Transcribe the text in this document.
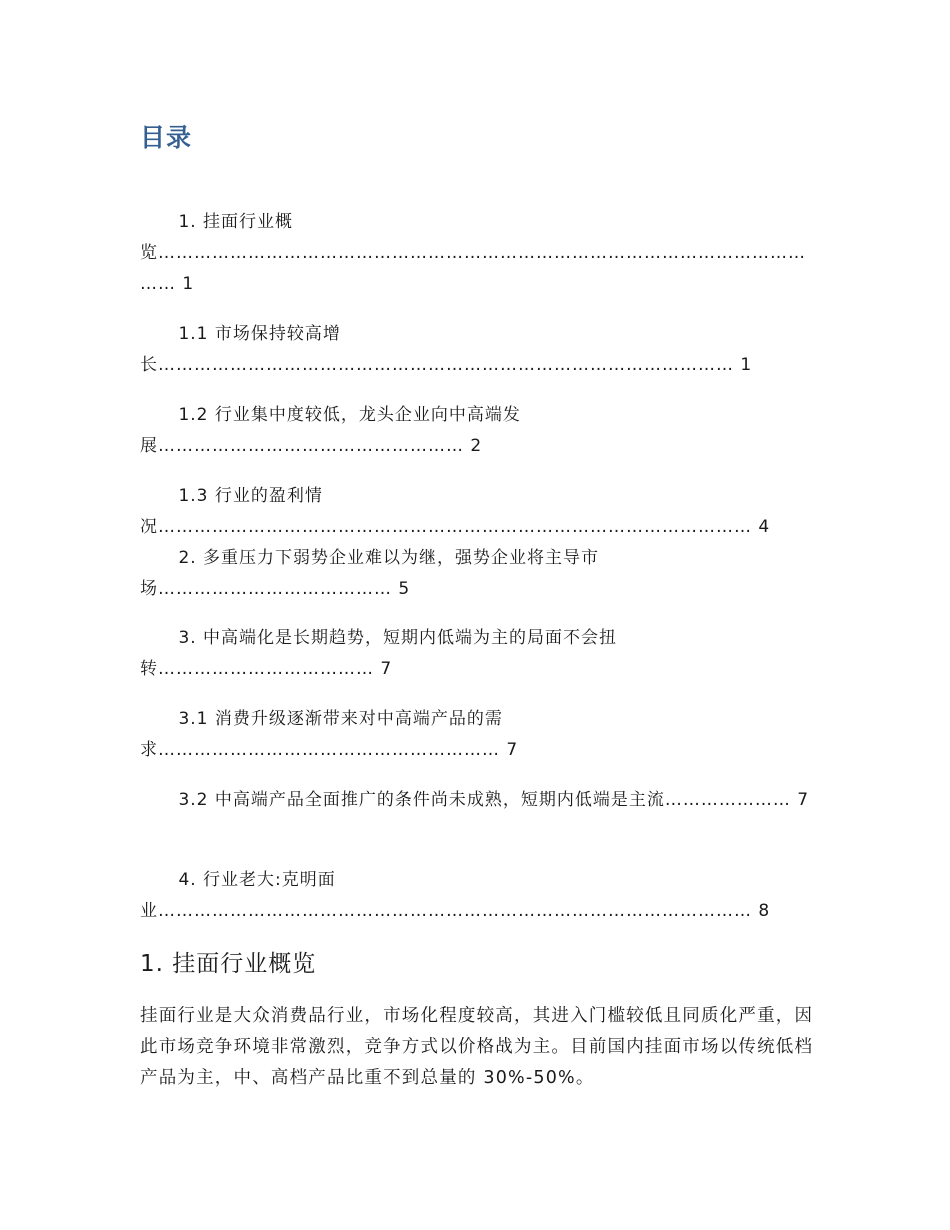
目录

1. 挂面行业概览…………………………………………………………………………………………………… 1

1.1 市场保持较高增长…………………………………………………………………………………… 1

1.2 行业集中度较低，龙头企业向中高端发展…………………………………………… 2

1.3 行业的盈利情况……………………………………………………………………………………… 4

2. 多重压力下弱势企业难以为继，强势企业将主导市场………………………………… 5

3. 中高端化是长期趋势，短期内低端为主的局面不会扭转……………………………… 7

3.1 消费升级逐渐带来对中高端产品的需求………………………………………………… 7

3.2 中高端产品全面推广的条件尚未成熟，短期内低端是主流………………… 7

4. 行业老大:克明面业……………………………………………………………………………………… 8

1. 挂面行业概览

挂面行业是大众消费品行业，市场化程度较高，其进入门槛较低且同质化严重，因此市场竞争环境非常激烈，竞争方式以价格战为主。目前国内挂面市场以传统低档产品为主，中、高档产品比重不到总量的 30%-50%。
